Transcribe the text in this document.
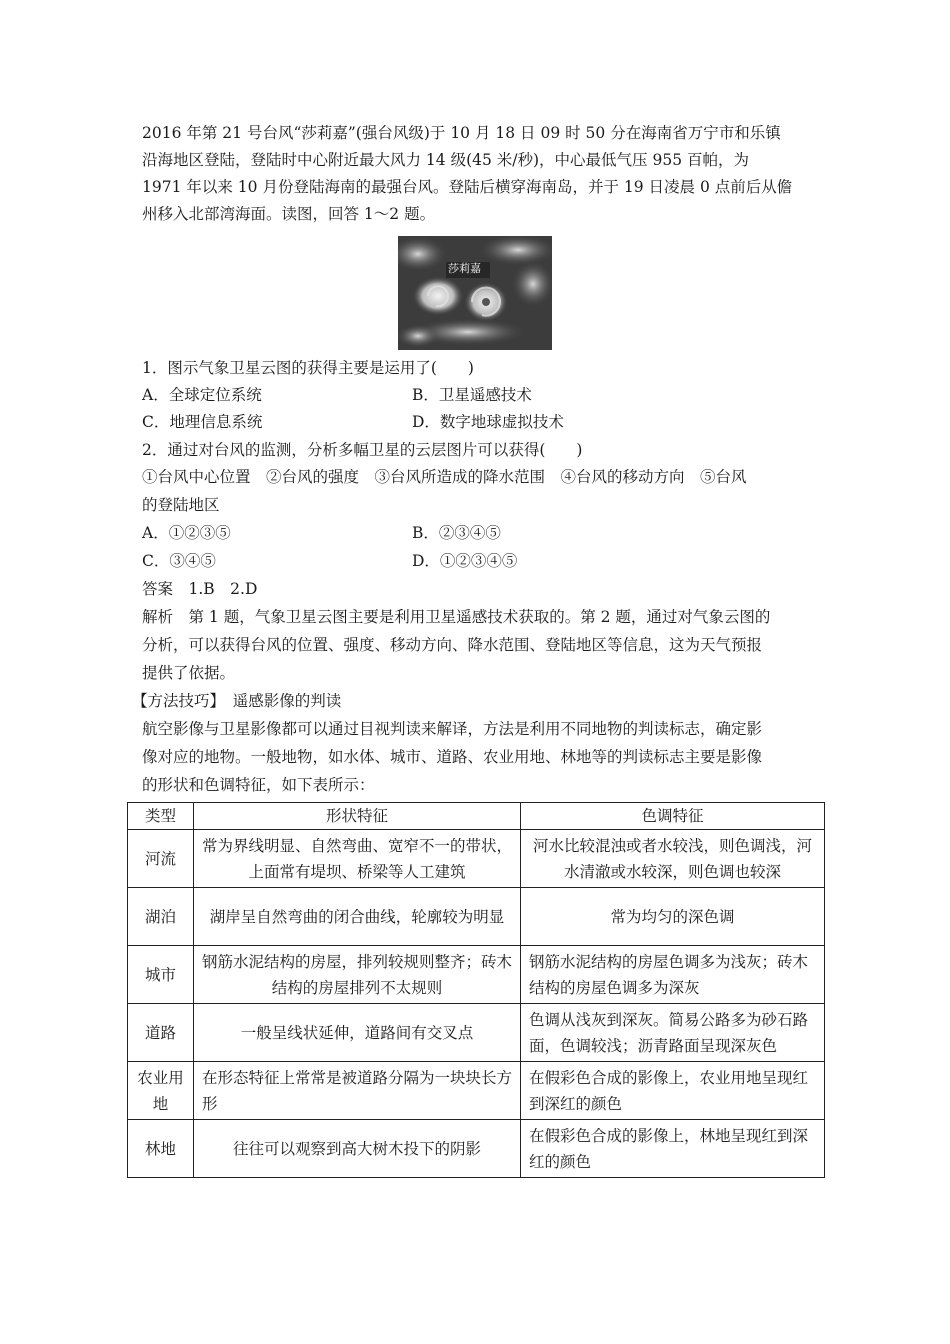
2016 年第 21 号台风“莎莉嘉”(强台风级)于 10 月 18 日 09 时 50 分在海南省万宁市和乐镇
沿海地区登陆，登陆时中心附近最大风力 14 级(45 米/秒)，中心最低气压 955 百帕，为
1971 年以来 10 月份登陆海南的最强台风。登陆后横穿海南岛，并于 19 日凌晨 0 点前后从儋
州移入北部湾海面。读图，回答 1～2 题。
莎莉嘉
1．图示气象卫星云图的获得主要是运用了(　　)
A．全球定位系统	B．卫星遥感技术
C．地理信息系统	D．数字地球虚拟技术
2．通过对台风的监测，分析多幅卫星的云层图片可以获得(　　)
①台风中心位置　②台风的强度　③台风所造成的降水范围　④台风的移动方向　⑤台风
的登陆地区
A．①②③⑤	B．②③④⑤
C．③④⑤	D．①②③④⑤
答案　1.B　2.D
解析　第 1 题，气象卫星云图主要是利用卫星遥感技术获取的。第 2 题，通过对气象云图的
分析，可以获得台风的位置、强度、移动方向、降水范围、登陆地区等信息，这为天气预报
提供了依据。
【方法技巧】　遥感影像的判读
航空影像与卫星影像都可以通过目视判读来解译，方法是利用不同地物的判读标志，确定影
像对应的地物。一般地物，如水体、城市、道路、农业用地、林地等的判读标志主要是影像
的形状和色调特征，如下表所示：
类型	形状特征	色调特征
河流	常为界线明显、自然弯曲、宽窄不一的带状，上面常有堤坝、桥梁等人工建筑	河水比较混浊或者水较浅，则色调浅，河水清澈或水较深，则色调也较深
湖泊	湖岸呈自然弯曲的闭合曲线，轮廓较为明显	常为均匀的深色调
城市	钢筋水泥结构的房屋，排列较规则整齐；砖木结构的房屋排列不太规则	钢筋水泥结构的房屋色调多为浅灰；砖木结构的房屋色调多为深灰
道路	一般呈线状延伸，道路间有交叉点	色调从浅灰到深灰。简易公路多为砂石路面，色调较浅；沥青路面呈现深灰色
农业用地	在形态特征上常常是被道路分隔为一块块长方形	在假彩色合成的影像上，农业用地呈现红到深红的颜色
林地	往往可以观察到高大树木投下的阴影	在假彩色合成的影像上，林地呈现红到深红的颜色
